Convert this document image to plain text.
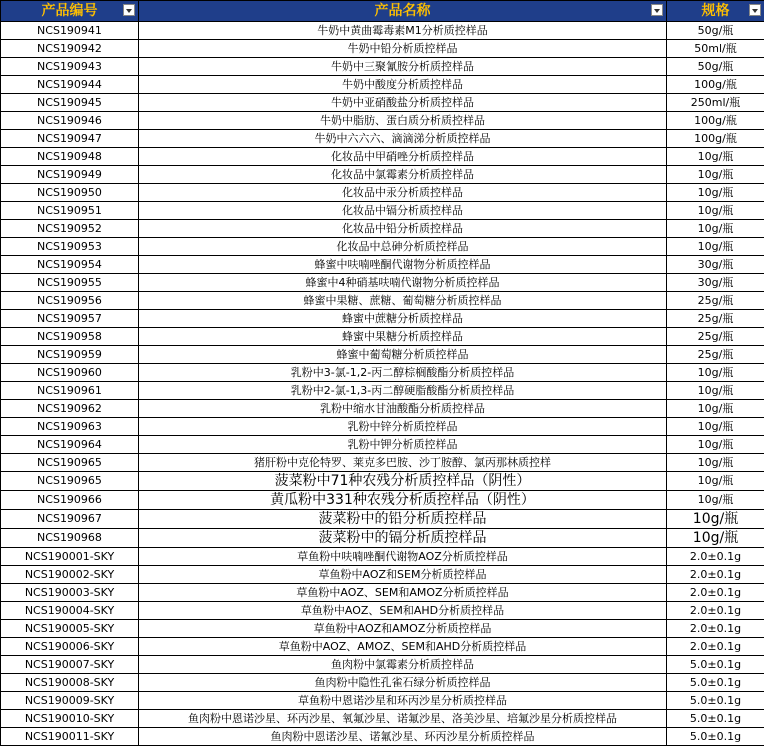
产品编号	产品名称	规格

NCS190941	牛奶中黄曲霉毒素M1分析质控样品	50g/瓶
NCS190942	牛奶中铅分析质控样品	50ml/瓶
NCS190943	牛奶中三聚氰胺分析质控样品	50g/瓶
NCS190944	牛奶中酸度分析质控样品	100g/瓶
NCS190945	牛奶中亚硝酸盐分析质控样品	250ml/瓶
NCS190946	牛奶中脂肪、蛋白质分析质控样品	100g/瓶
NCS190947	牛奶中六六六、滴滴涕分析质控样品	100g/瓶
NCS190948	化妆品中甲硝唑分析质控样品	10g/瓶
NCS190949	化妆品中氯霉素分析质控样品	10g/瓶
NCS190950	化妆品中汞分析质控样品	10g/瓶
NCS190951	化妆品中镉分析质控样品	10g/瓶
NCS190952	化妆品中铅分析质控样品	10g/瓶
NCS190953	化妆品中总砷分析质控样品	10g/瓶
NCS190954	蜂蜜中呋喃唑酮代谢物分析质控样品	30g/瓶
NCS190955	蜂蜜中4种硝基呋喃代谢物分析质控样品	30g/瓶
NCS190956	蜂蜜中果糖、蔗糖、葡萄糖分析质控样品	25g/瓶
NCS190957	蜂蜜中蔗糖分析质控样品	25g/瓶
NCS190958	蜂蜜中果糖分析质控样品	25g/瓶
NCS190959	蜂蜜中葡萄糖分析质控样品	25g/瓶
NCS190960	乳粉中3-氯-1,2-丙二醇棕榈酸酯分析质控样品	10g/瓶
NCS190961	乳粉中2-氯-1,3-丙二醇硬脂酸酯分析质控样品	10g/瓶
NCS190962	乳粉中缩水甘油酸酯分析质控样品	10g/瓶
NCS190963	乳粉中锌分析质控样品	10g/瓶
NCS190964	乳粉中钾分析质控样品	10g/瓶
NCS190965	猪肝粉中克伦特罗、莱克多巴胺、沙丁胺醇、氯丙那林质控样	10g/瓶
NCS190965	菠菜粉中71种农残分析质控样品（阴性）	10g/瓶
NCS190966	黄瓜粉中331种农残分析质控样品（阴性）	10g/瓶
NCS190967	菠菜粉中的铅分析质控样品	10g/瓶
NCS190968	菠菜粉中的镉分析质控样品	10g/瓶
NCS190001-SKY	草鱼粉中呋喃唑酮代谢物AOZ分析质控样品	2.0±0.1g
NCS190002-SKY	草鱼粉中AOZ和SEM分析质控样品	2.0±0.1g
NCS190003-SKY	草鱼粉中AOZ、SEM和AMOZ分析质控样品	2.0±0.1g
NCS190004-SKY	草鱼粉中AOZ、SEM和AHD分析质控样品	2.0±0.1g
NCS190005-SKY	草鱼粉中AOZ和AMOZ分析质控样品	2.0±0.1g
NCS190006-SKY	草鱼粉中AOZ、AMOZ、SEM和AHD分析质控样品	2.0±0.1g
NCS190007-SKY	鱼肉粉中氯霉素分析质控样品	5.0±0.1g
NCS190008-SKY	鱼肉粉中隐性孔雀石绿分析质控样品	5.0±0.1g
NCS190009-SKY	草鱼粉中恩诺沙星和环丙沙星分析质控样品	5.0±0.1g
NCS190010-SKY	鱼肉粉中恩诺沙星、环丙沙星、氧氟沙星、诺氟沙星、洛美沙星、培氟沙星分析质控样品	5.0±0.1g
NCS190011-SKY	鱼肉粉中恩诺沙星、诺氟沙星、环丙沙星分析质控样品	5.0±0.1g
